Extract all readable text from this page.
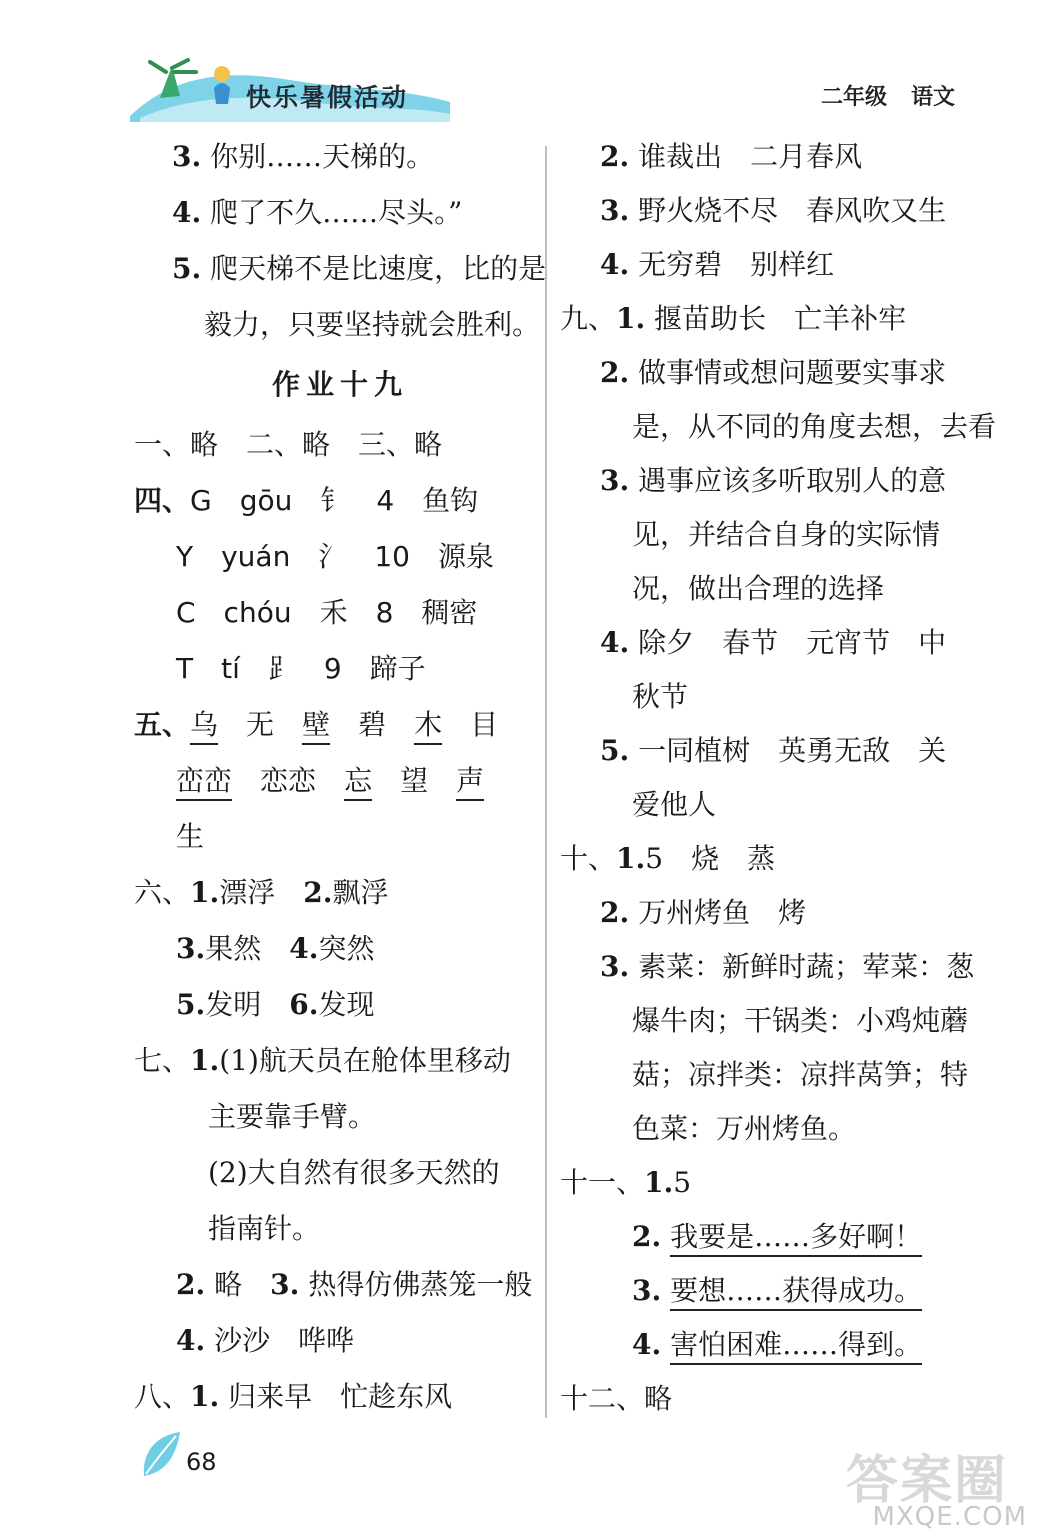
快乐暑假活动	二年级 语文
3. 你别……天梯的。
4. 爬了不久……尽头。”
5. 爬天梯不是比速度，比的是
毅力，只要坚持就会胜利。
作业十九
一、略　二、略　三、略
四、G　gōu　钅　4　鱼钩
Y　yuán　氵　10　源泉
C　chóu　禾　8　稠密
T　tí　⻊　9　蹄子
五、乌　 无　 壁　 碧　 木　 目
峦峦　 恋恋　 忘　 望　 声
生
六、1.漂浮　 2.飘浮
3.果然　 4.突然
5.发明　 6.发现
七、1.(1)航天员在舱体里移动
主要靠手臂。
(2)大自然有很多天然的
指南针。
2. 略　 3. 热得仿佛蒸笼一般
4. 沙沙　哗哗
八、1. 归来早　忙趁东风
2. 谁裁出　二月春风
3. 野火烧不尽　春风吹又生
4. 无穷碧　别样红
九、1. 揠苗助长　亡羊补牢
2. 做事情或想问题要实事求
是，从不同的角度去想，去看
3. 遇事应该多听取别人的意
见，并结合自身的实际情
况，做出合理的选择
4. 除夕　春节　元宵节　中
秋节
5. 一同植树　英勇无敌　关
爱他人
十、1.5　烧　蒸
2. 万州烤鱼　烤
3. 素菜：新鲜时蔬；荤菜：葱
爆牛肉；干锅类：小鸡炖蘑
菇；凉拌类：凉拌莴笋；特
色菜：万州烤鱼。
十一、1.5
2. 我要是……多好啊！
3. 要想……获得成功。
4. 害怕困难……得到。
十二、略
68	答案圈
MXQE.COM
